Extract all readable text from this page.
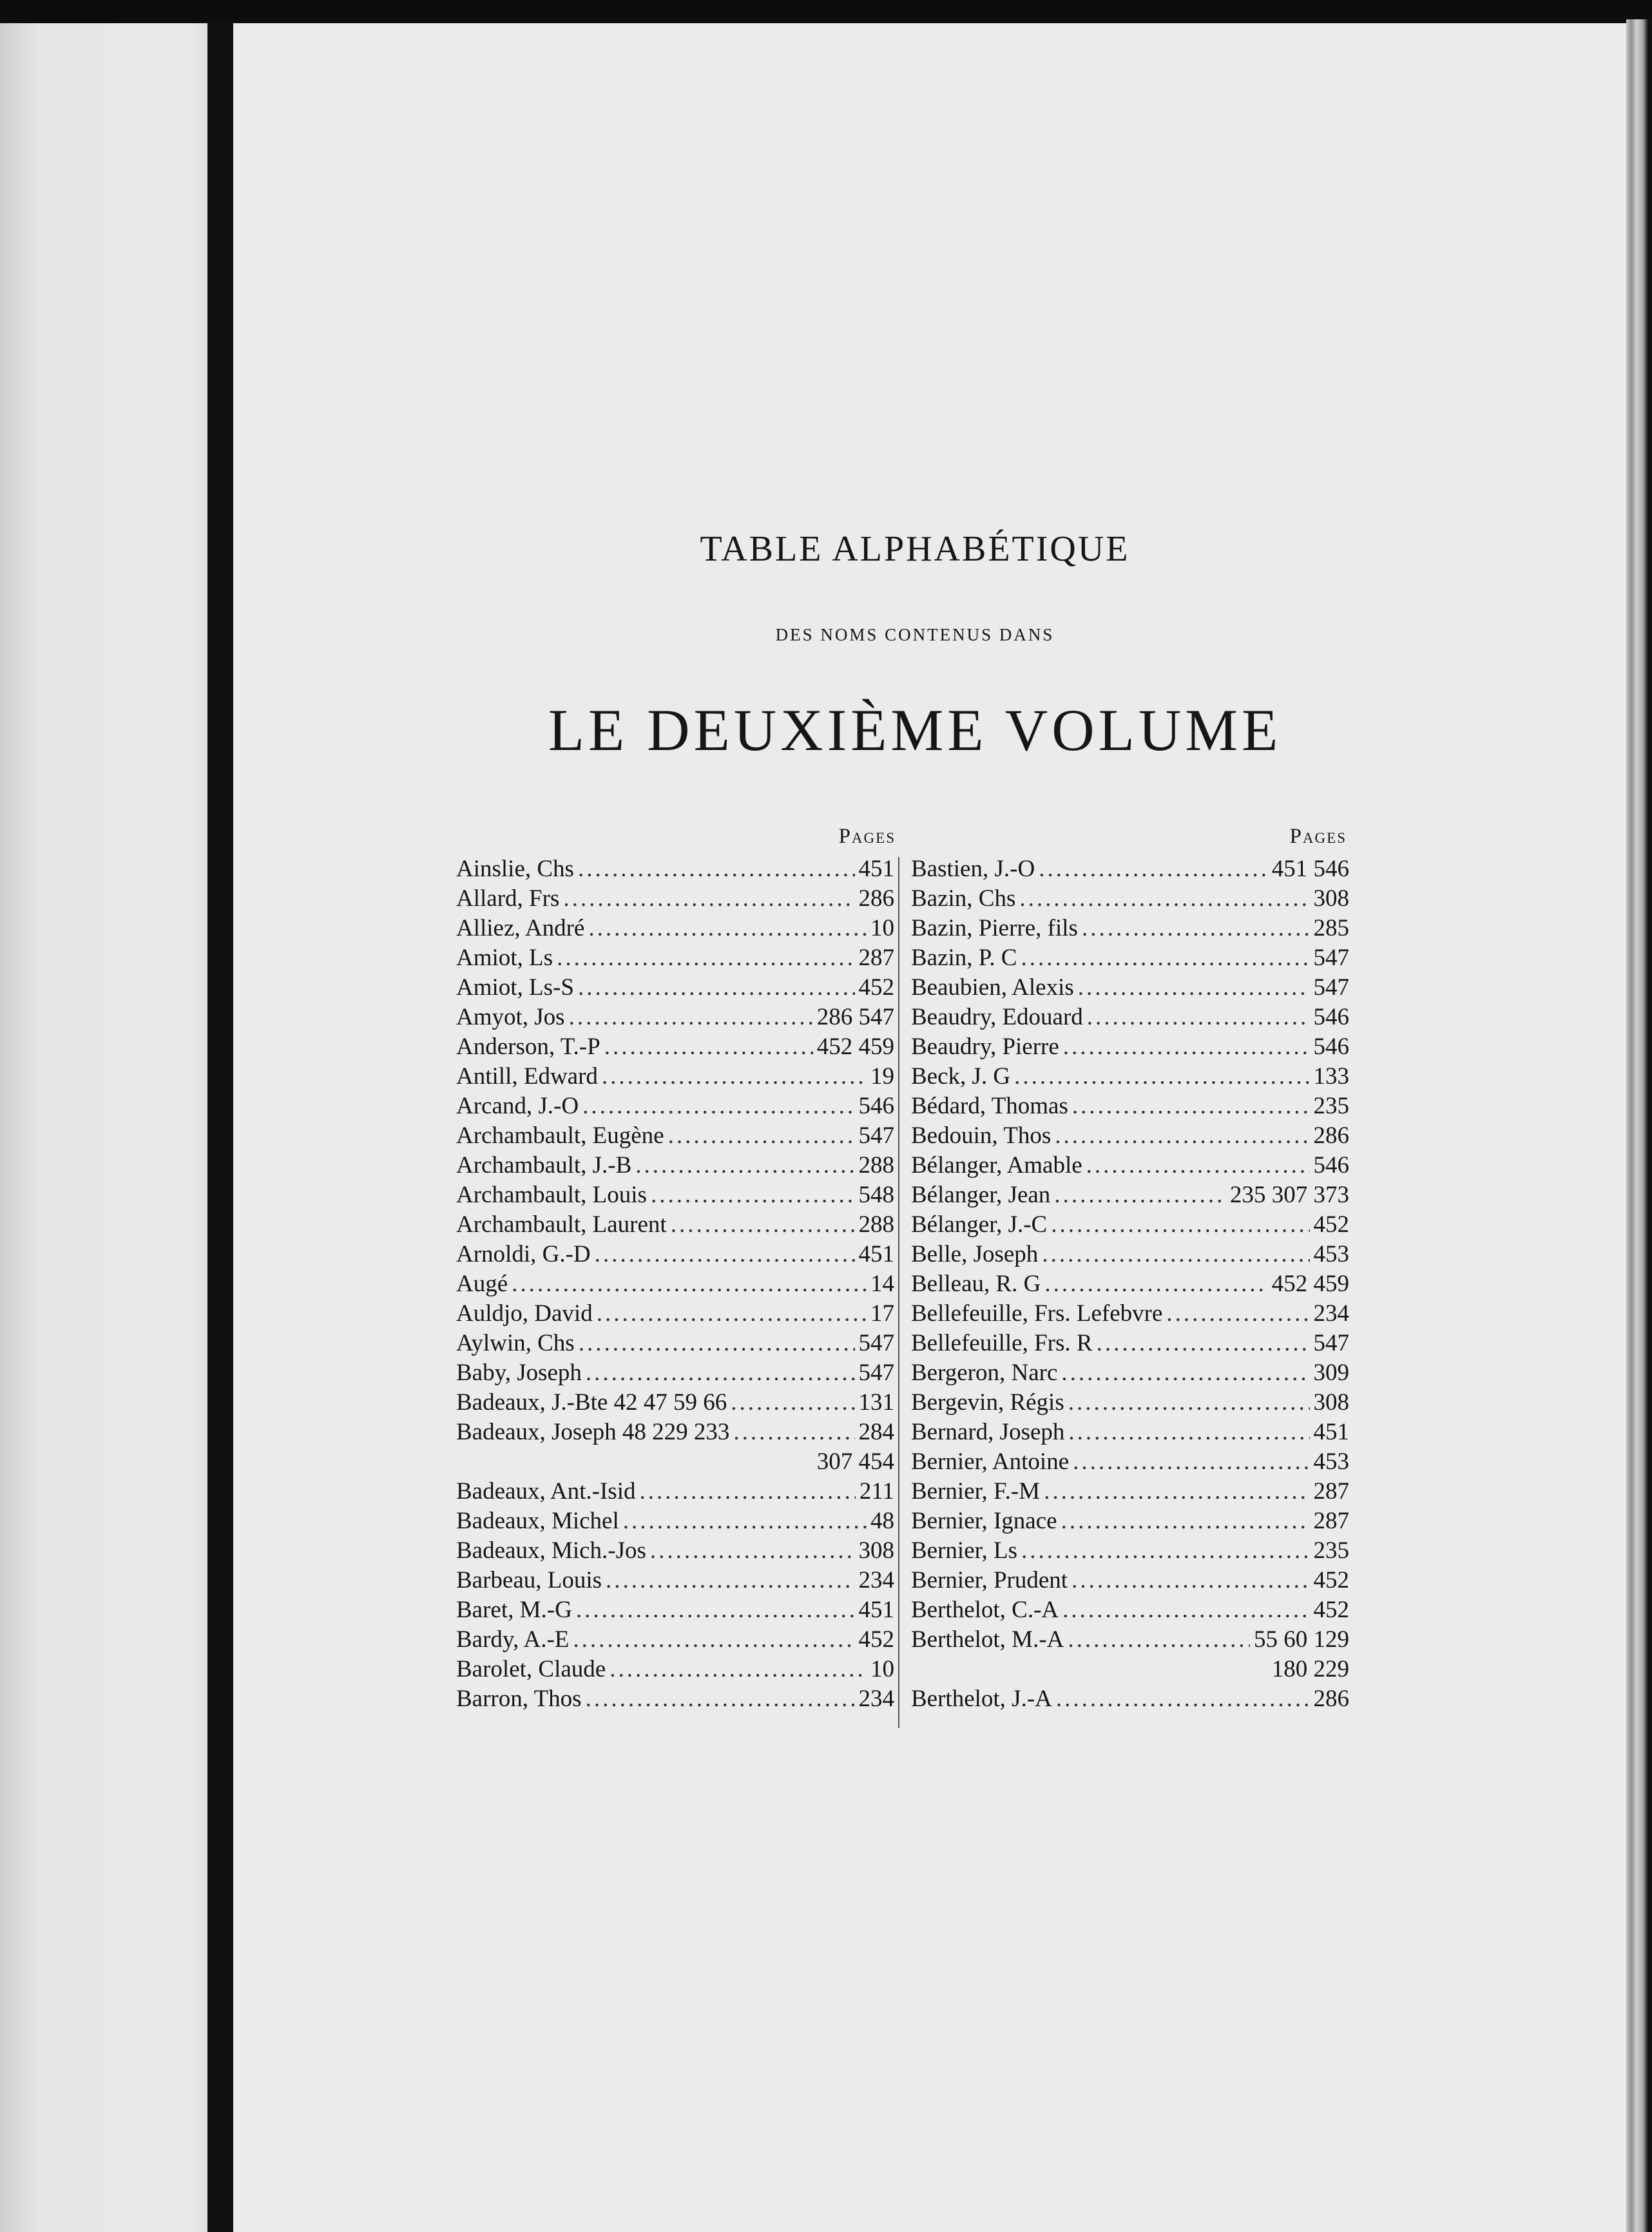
TABLE ALPHABÉTIQUE
DES NOMS CONTENUS DANS
LE DEUXIÈME VOLUME
Pages	Pages
Ainslie, Chs .....	451
Allard, Frs .....	286
Alliez, André .....	10
Amiot, Ls .....	287
Amiot, Ls-S .....	452
Amyot, Jos .....	286 547
Anderson, T.-P .....	452 459
Antill, Edward .....	19
Arcand, J.-O .....	546
Archambault, Eugène .....	547
Archambault, J.-B .....	288
Archambault, Louis .....	548
Archambault, Laurent .....	288
Arnoldi, G.-D .....	451
Augé .....	14
Auldjo, David .....	17
Aylwin, Chs .....	547
Baby, Joseph .....	547
Badeaux, J.-Bte 42 47 59 66 .....	131
Badeaux, Joseph 48 229 233 .....	284
307 454
Badeaux, Ant.-Isid .....	211
Badeaux, Michel .....	48
Badeaux, Mich.-Jos .....	308
Barbeau, Louis .....	234
Baret, M.-G .....	451
Bardy, A.-E .....	452
Barolet, Claude .....	10
Barron, Thos .....	234
Bastien, J.-O .....	451 546
Bazin, Chs .....	308
Bazin, Pierre, fils .....	285
Bazin, P. C .....	547
Beaubien, Alexis .....	547
Beaudry, Edouard .....	546
Beaudry, Pierre .....	546
Beck, J. G .....	133
Bédard, Thomas .....	235
Bedouin, Thos .....	286
Bélanger, Amable .....	546
Bélanger, Jean .....	235 307 373
Bélanger, J.-C .....	452
Belle, Joseph .....	453
Belleau, R. G .....	452 459
Bellefeuille, Frs. Lefebvre .....	234
Bellefeuille, Frs. R .....	547
Bergeron, Narc .....	309
Bergevin, Régis .....	308
Bernard, Joseph .....	451
Bernier, Antoine .....	453
Bernier, F.-M .....	287
Bernier, Ignace .....	287
Bernier, Ls .....	235
Bernier, Prudent .....	452
Berthelot, C.-A .....	452
Berthelot, M.-A .....	55 60 129
180 229
Berthelot, J.-A .....	286
